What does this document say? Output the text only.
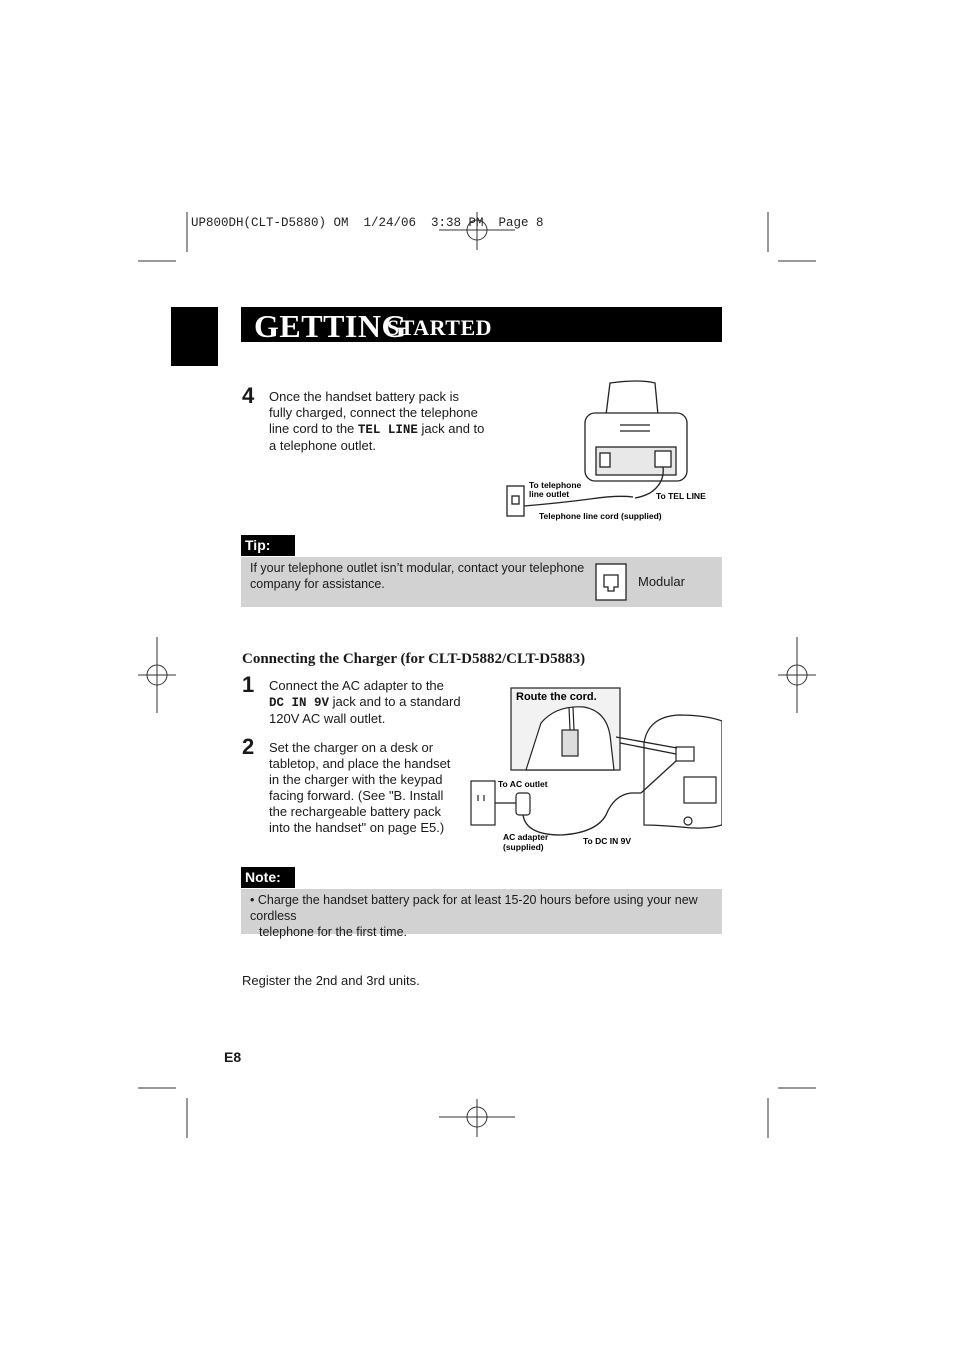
UP800DH(CLT-D5880) OM  1/24/06  3:38 PM  Page 8
GETTING
STARTED
4 Once the handset battery pack is
fully charged, connect the telephone
line cord to the TEL LINE jack and to
a telephone outlet.
To telephone
line outlet	To TEL LINE
Telephone line cord (supplied)
Tip:
If your telephone outlet isn’t modular, contact your telephone
company for assistance.	Modular
Connecting the Charger (for CLT-D5882/CLT-D5883)
1 Connect the AC adapter to the
DC IN 9V jack and to a standard
120V AC wall outlet.
2 Set the charger on a desk or
tabletop, and place the handset
in the charger with the keypad
facing forward. (See "B. Install
the rechargeable battery pack
into the handset" on page E5.)
Route the cord.
To AC outlet
AC adapter
(supplied)
To DC IN 9V
Note:
• Charge the handset battery pack for at least 15-20 hours before using your new cordless
telephone for the first time.
Register the 2nd and 3rd units.
E8
